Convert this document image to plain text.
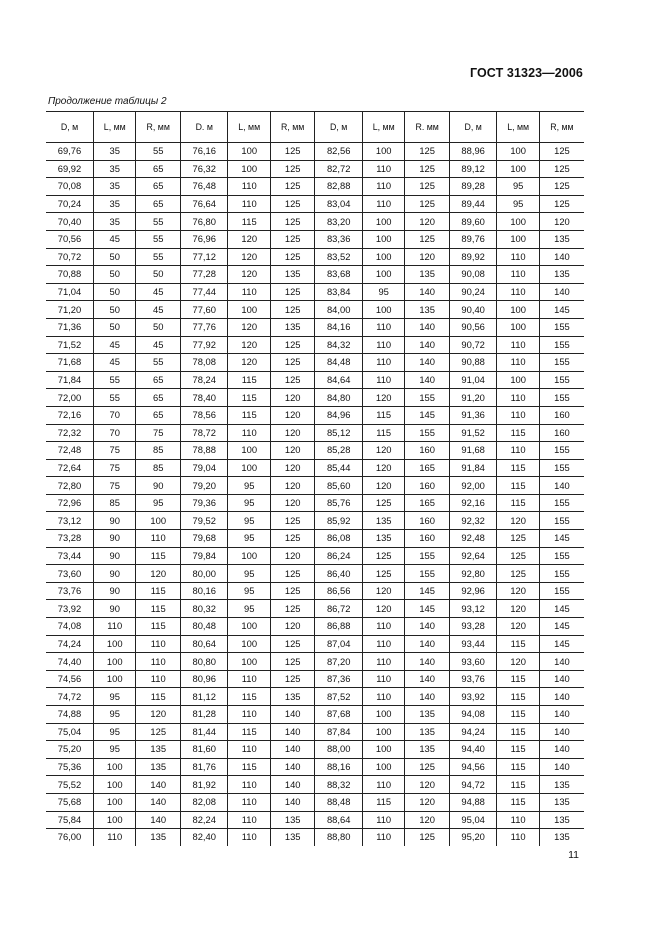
ГОСТ 31323—2006
Продолжение таблицы 2
D, м	L, мм	R, мм	D. м	L, мм	R, мм	D, м	L, мм	R. мм	D, м	L, мм	R, мм
69,76	35	55	76,16	100	125	82,56	100	125	88,96	100	125
69,92	35	65	76,32	100	125	82,72	110	125	89,12	100	125
70,08	35	65	76,48	110	125	82,88	110	125	89,28	95	125
70,24	35	65	76,64	110	125	83,04	110	125	89,44	95	125
70,40	35	55	76,80	115	125	83,20	100	120	89,60	100	120
70,56	45	55	76,96	120	125	83,36	100	125	89,76	100	135
70,72	50	55	77,12	120	125	83,52	100	120	89,92	110	140
70,88	50	50	77,28	120	135	83,68	100	135	90,08	110	135
71,04	50	45	77,44	110	125	83,84	95	140	90,24	110	140
71,20	50	45	77,60	100	125	84,00	100	135	90,40	100	145
71,36	50	50	77,76	120	135	84,16	110	140	90,56	100	155
71,52	45	45	77,92	120	125	84,32	110	140	90,72	110	155
71,68	45	55	78,08	120	125	84,48	110	140	90,88	110	155
71,84	55	65	78,24	115	125	84,64	110	140	91,04	100	155
72,00	55	65	78,40	115	120	84,80	120	155	91,20	110	155
72,16	70	65	78,56	115	120	84,96	115	145	91,36	110	160
72,32	70	75	78,72	110	120	85,12	115	155	91,52	115	160
72,48	75	85	78,88	100	120	85,28	120	160	91,68	110	155
72,64	75	85	79,04	100	120	85,44	120	165	91,84	115	155
72,80	75	90	79,20	95	120	85,60	120	160	92,00	115	140
72,96	85	95	79,36	95	120	85,76	125	165	92,16	115	155
73,12	90	100	79,52	95	125	85,92	135	160	92,32	120	155
73,28	90	110	79,68	95	125	86,08	135	160	92,48	125	145
73,44	90	115	79,84	100	120	86,24	125	155	92,64	125	155
73,60	90	120	80,00	95	125	86,40	125	155	92,80	125	155
73,76	90	115	80,16	95	125	86,56	120	145	92,96	120	155
73,92	90	115	80,32	95	125	86,72	120	145	93,12	120	145
74,08	110	115	80,48	100	120	86,88	110	140	93,28	120	145
74,24	100	110	80,64	100	125	87,04	110	140	93,44	115	145
74,40	100	110	80,80	100	125	87,20	110	140	93,60	120	140
74,56	100	110	80,96	110	125	87,36	110	140	93,76	115	140
74,72	95	115	81,12	115	135	87,52	110	140	93,92	115	140
74,88	95	120	81,28	110	140	87,68	100	135	94,08	115	140
75,04	95	125	81,44	115	140	87,84	100	135	94,24	115	140
75,20	95	135	81,60	110	140	88,00	100	135	94,40	115	140
75,36	100	135	81,76	115	140	88,16	100	125	94,56	115	140
75,52	100	140	81,92	110	140	88,32	110	120	94,72	115	135
75,68	100	140	82,08	110	140	88,48	115	120	94,88	115	135
75,84	100	140	82,24	110	135	88,64	110	120	95,04	110	135
76,00	110	135	82,40	110	135	88,80	110	125	95,20	110	135
11
